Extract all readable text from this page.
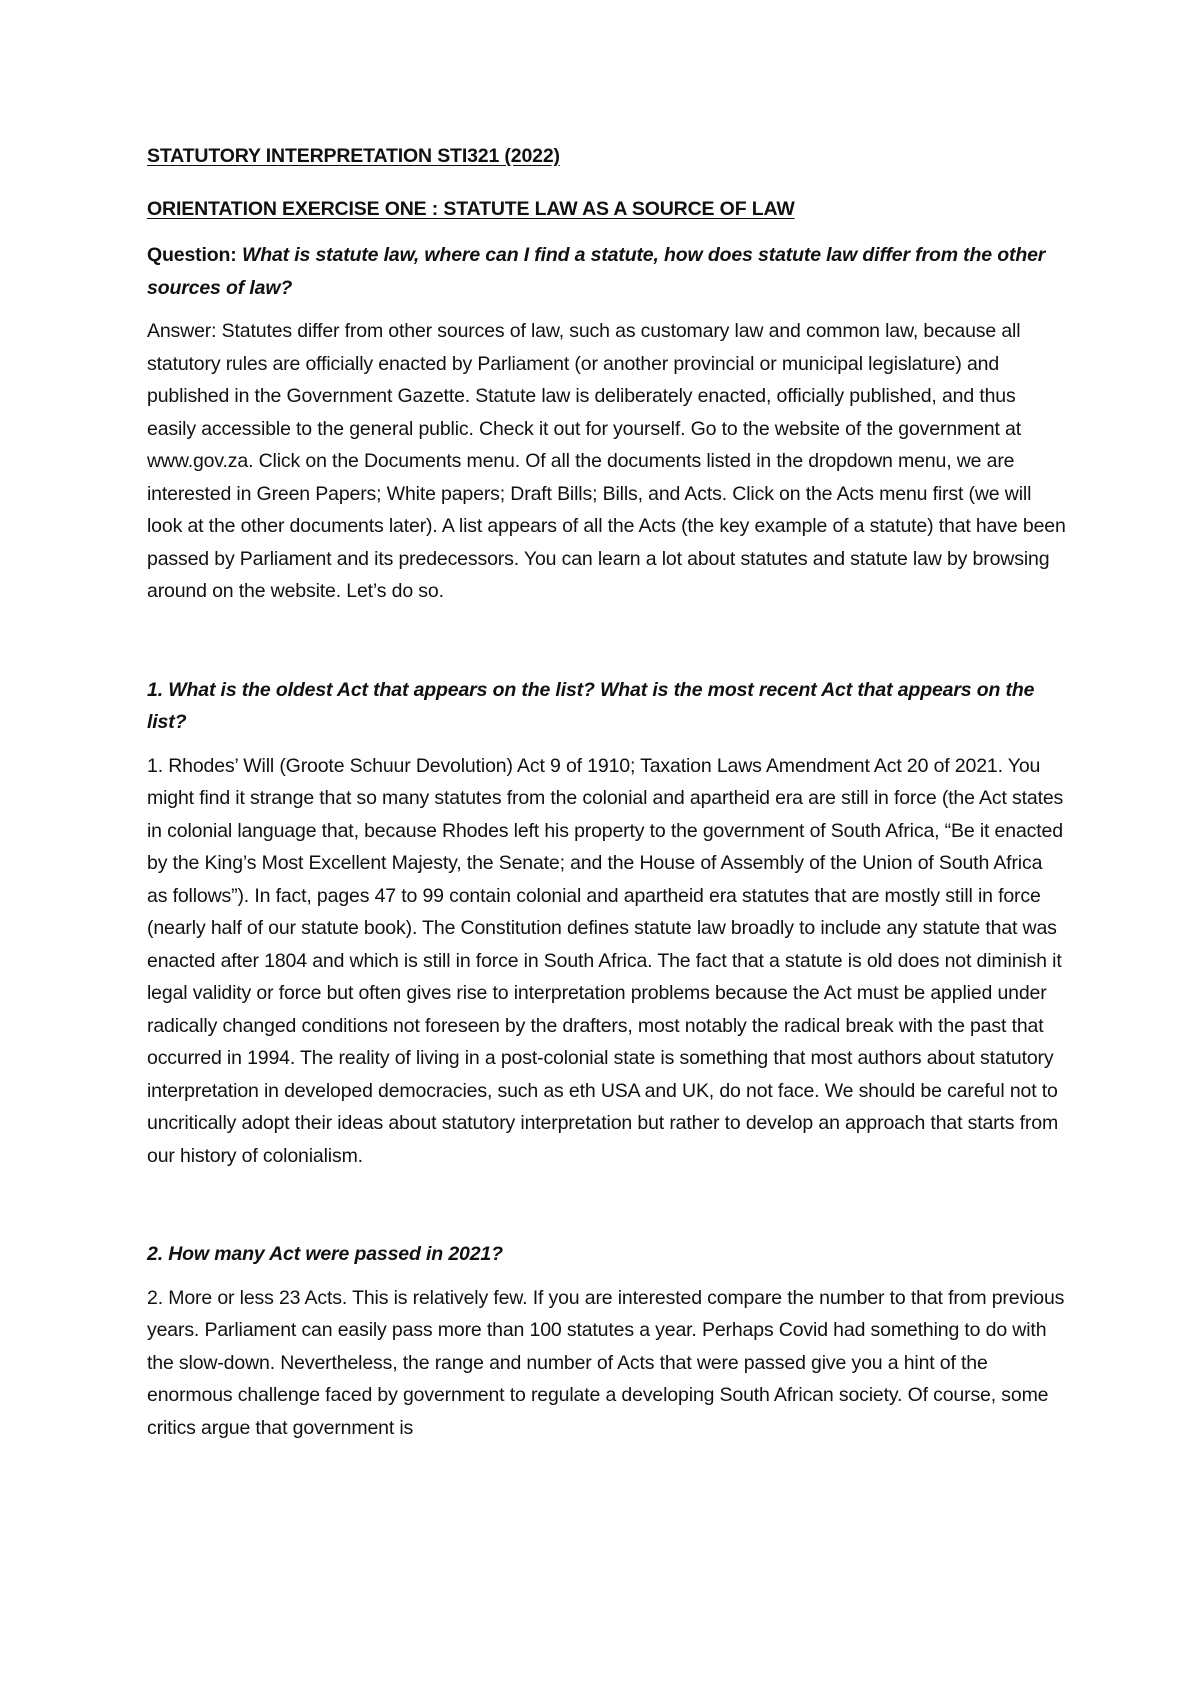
STATUTORY INTERPRETATION STI321 (2022)

ORIENTATION EXERCISE ONE : STATUTE LAW AS A SOURCE OF LAW

Question: What is statute law, where can I find a statute, how does statute law differ from the other sources of law?

Answer: Statutes differ from other sources of law, such as customary law and common law, because all statutory rules are officially enacted by Parliament (or another provincial or municipal legislature) and published in the Government Gazette. Statute law is deliberately enacted, officially published, and thus easily accessible to the general public. Check it out for yourself. Go to the website of the government at www.gov.za. Click on the Documents menu. Of all the documents listed in the dropdown menu, we are interested in Green Papers; White papers; Draft Bills; Bills, and Acts. Click on the Acts menu first (we will look at the other documents later). A list appears of all the Acts (the key example of a statute) that have been passed by Parliament and its predecessors. You can learn a lot about statutes and statute law by browsing around on the website. Let’s do so.

1. What is the oldest Act that appears on the list? What is the most recent Act that appears on the list?

1. Rhodes’ Will (Groote Schuur Devolution) Act 9 of 1910; Taxation Laws Amendment Act 20 of 2021. You might find it strange that so many statutes from the colonial and apartheid era are still in force (the Act states in colonial language that, because Rhodes left his property to the government of South Africa, “Be it enacted by the King’s Most Excellent Majesty, the Senate; and the House of Assembly of the Union of South Africa as follows”). In fact, pages 47 to 99 contain colonial and apartheid era statutes that are mostly still in force (nearly half of our statute book). The Constitution defines statute law broadly to include any statute that was enacted after 1804 and which is still in force in South Africa. The fact that a statute is old does not diminish it legal validity or force but often gives rise to interpretation problems because the Act must be applied under radically changed conditions not foreseen by the drafters, most notably the radical break with the past that occurred in 1994. The reality of living in a post-colonial state is something that most authors about statutory interpretation in developed democracies, such as eth USA and UK, do not face. We should be careful not to uncritically adopt their ideas about statutory interpretation but rather to develop an approach that starts from our history of colonialism.

2. How many Act were passed in 2021?

2. More or less 23 Acts. This is relatively few. If you are interested compare the number to that from previous years. Parliament can easily pass more than 100 statutes a year. Perhaps Covid had something to do with the slow-down. Nevertheless, the range and number of Acts that were passed give you a hint of the enormous challenge faced by government to regulate a developing South African society. Of course, some critics argue that government is
